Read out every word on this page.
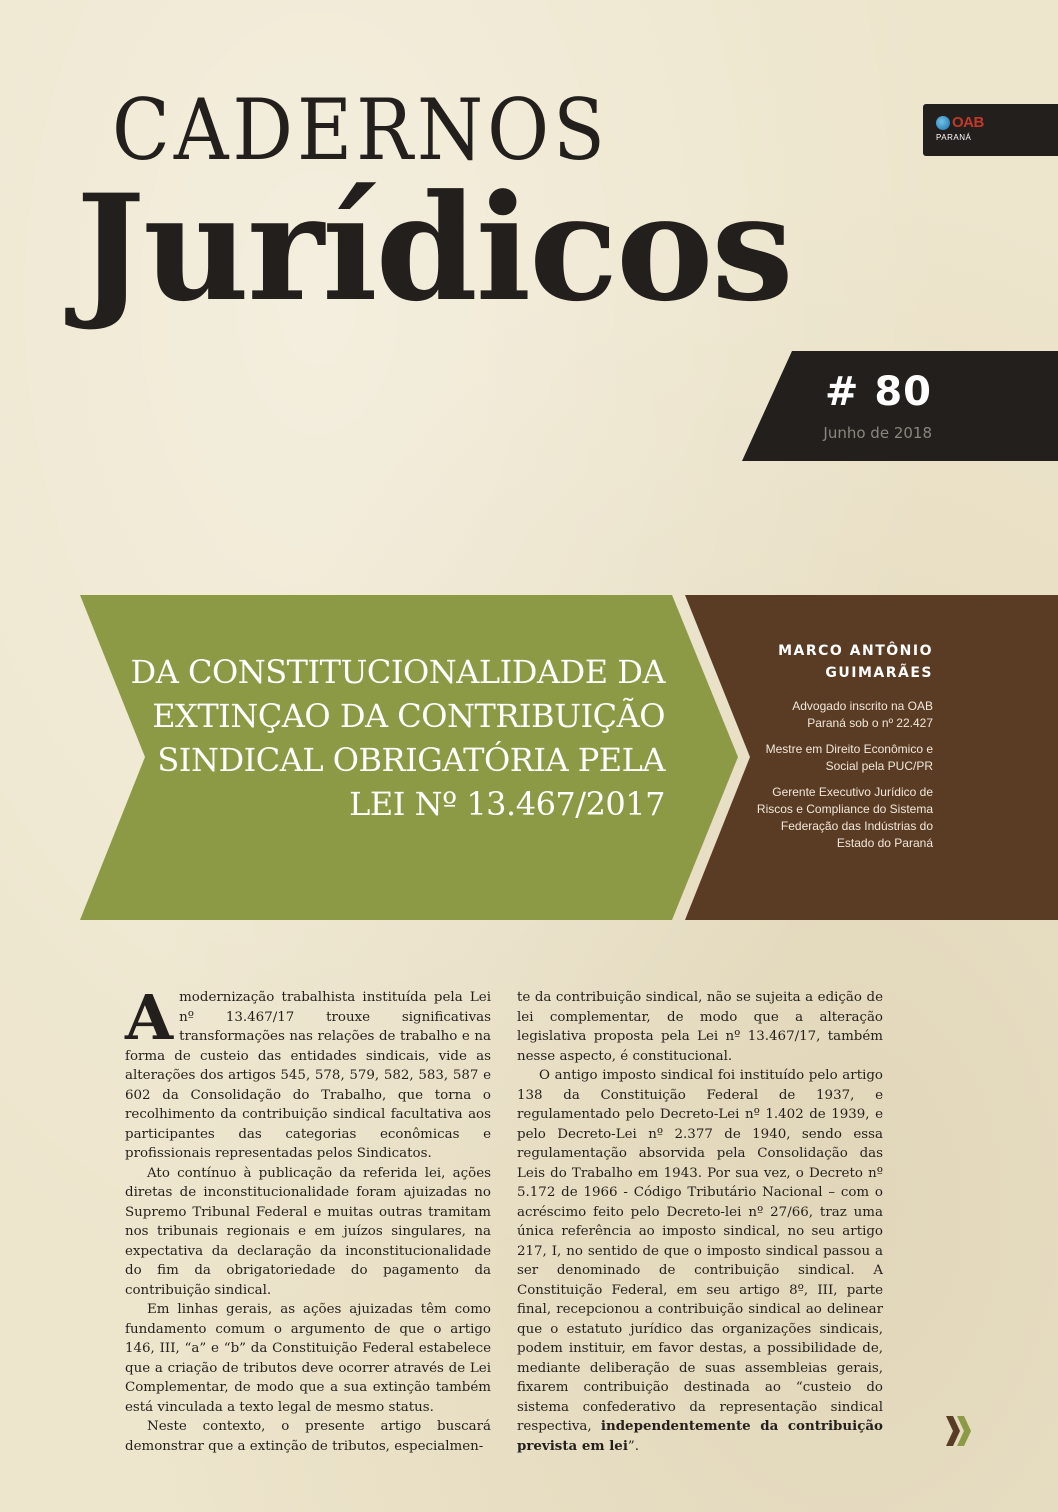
OAB
PARANÁ
CADERNOS
Jurídicos
# 80
Junho de 2018
DA CONSTITUCIONALIDADE DA EXTINÇAO DA CONTRIBUIÇÃO SINDICAL OBRIGATÓRIA PELA LEI Nº 13.467/2017

MARCO ANTÔNIO
GUIMARÃES

Advogado inscrito na OAB Paraná sob o nº 22.427

Mestre em Direito Econômico e Social pela PUC/PR

Gerente Executivo Jurídico de Riscos e Compliance do Sistema Federação das Indústrias do Estado do Paraná

Amodernização trabalhista instituída pela Lei nº 13.467/17 trouxe significativas transformações nas relações de trabalho e na forma de custeio das entidades sindicais, vide as alterações dos artigos 545, 578, 579, 582, 583, 587 e 602 da Consolidação do Trabalho, que torna o recolhimento da contribuição sindical facultativa aos participantes das categorias econômicas e profissionais representadas pelos Sindicatos.

Ato contínuo à publicação da referida lei, ações diretas de inconstitucionalidade foram ajuizadas no Supremo Tribunal Federal e muitas outras tramitam nos tribunais regionais e em juízos singulares, na expectativa da declaração da inconstitucionalidade do fim da obrigatoriedade do pagamento da contribuição sindical.

Em linhas gerais, as ações ajuizadas têm como fundamento comum o argumento de que o artigo 146, III, “a” e “b” da Constituição Federal estabelece que a criação de tributos deve ocorrer através de Lei Complementar, de modo que a sua extinção também está vinculada a texto legal de mesmo status.

Neste contexto, o presente artigo buscará demonstrar que a extinção de tributos, especialmen-

te da contribuição sindical, não se sujeita a edição de lei complementar, de modo que a alteração legislativa proposta pela Lei nº 13.467/17, também nesse aspecto, é constitucional.

O antigo imposto sindical foi instituído pelo artigo 138 da Constituição Federal de 1937, e regulamentado pelo Decreto-Lei nº 1.402 de 1939, e pelo Decreto-Lei nº 2.377 de 1940, sendo essa regulamentação absorvida pela Consolidação das Leis do Trabalho em 1943. Por sua vez, o Decreto nº 5.172 de 1966 - Código Tributário Nacional – com o acréscimo feito pelo Decreto-lei nº 27/66, traz uma única referência ao imposto sindical, no seu artigo 217, I, no sentido de que o imposto sindical passou a ser denominado de contribuição sindical. A Constituição Federal, em seu artigo 8º, III, parte final, recepcionou a contribuição sindical ao delinear que o estatuto jurídico das organizações sindicais, podem instituir, em favor destas, a possibilidade de, mediante deliberação de suas assembleias gerais, fixarem contribuição destinada ao “custeio do sistema confederativo da representação sindical respectiva, independentemente da contribuição prevista em lei”.
